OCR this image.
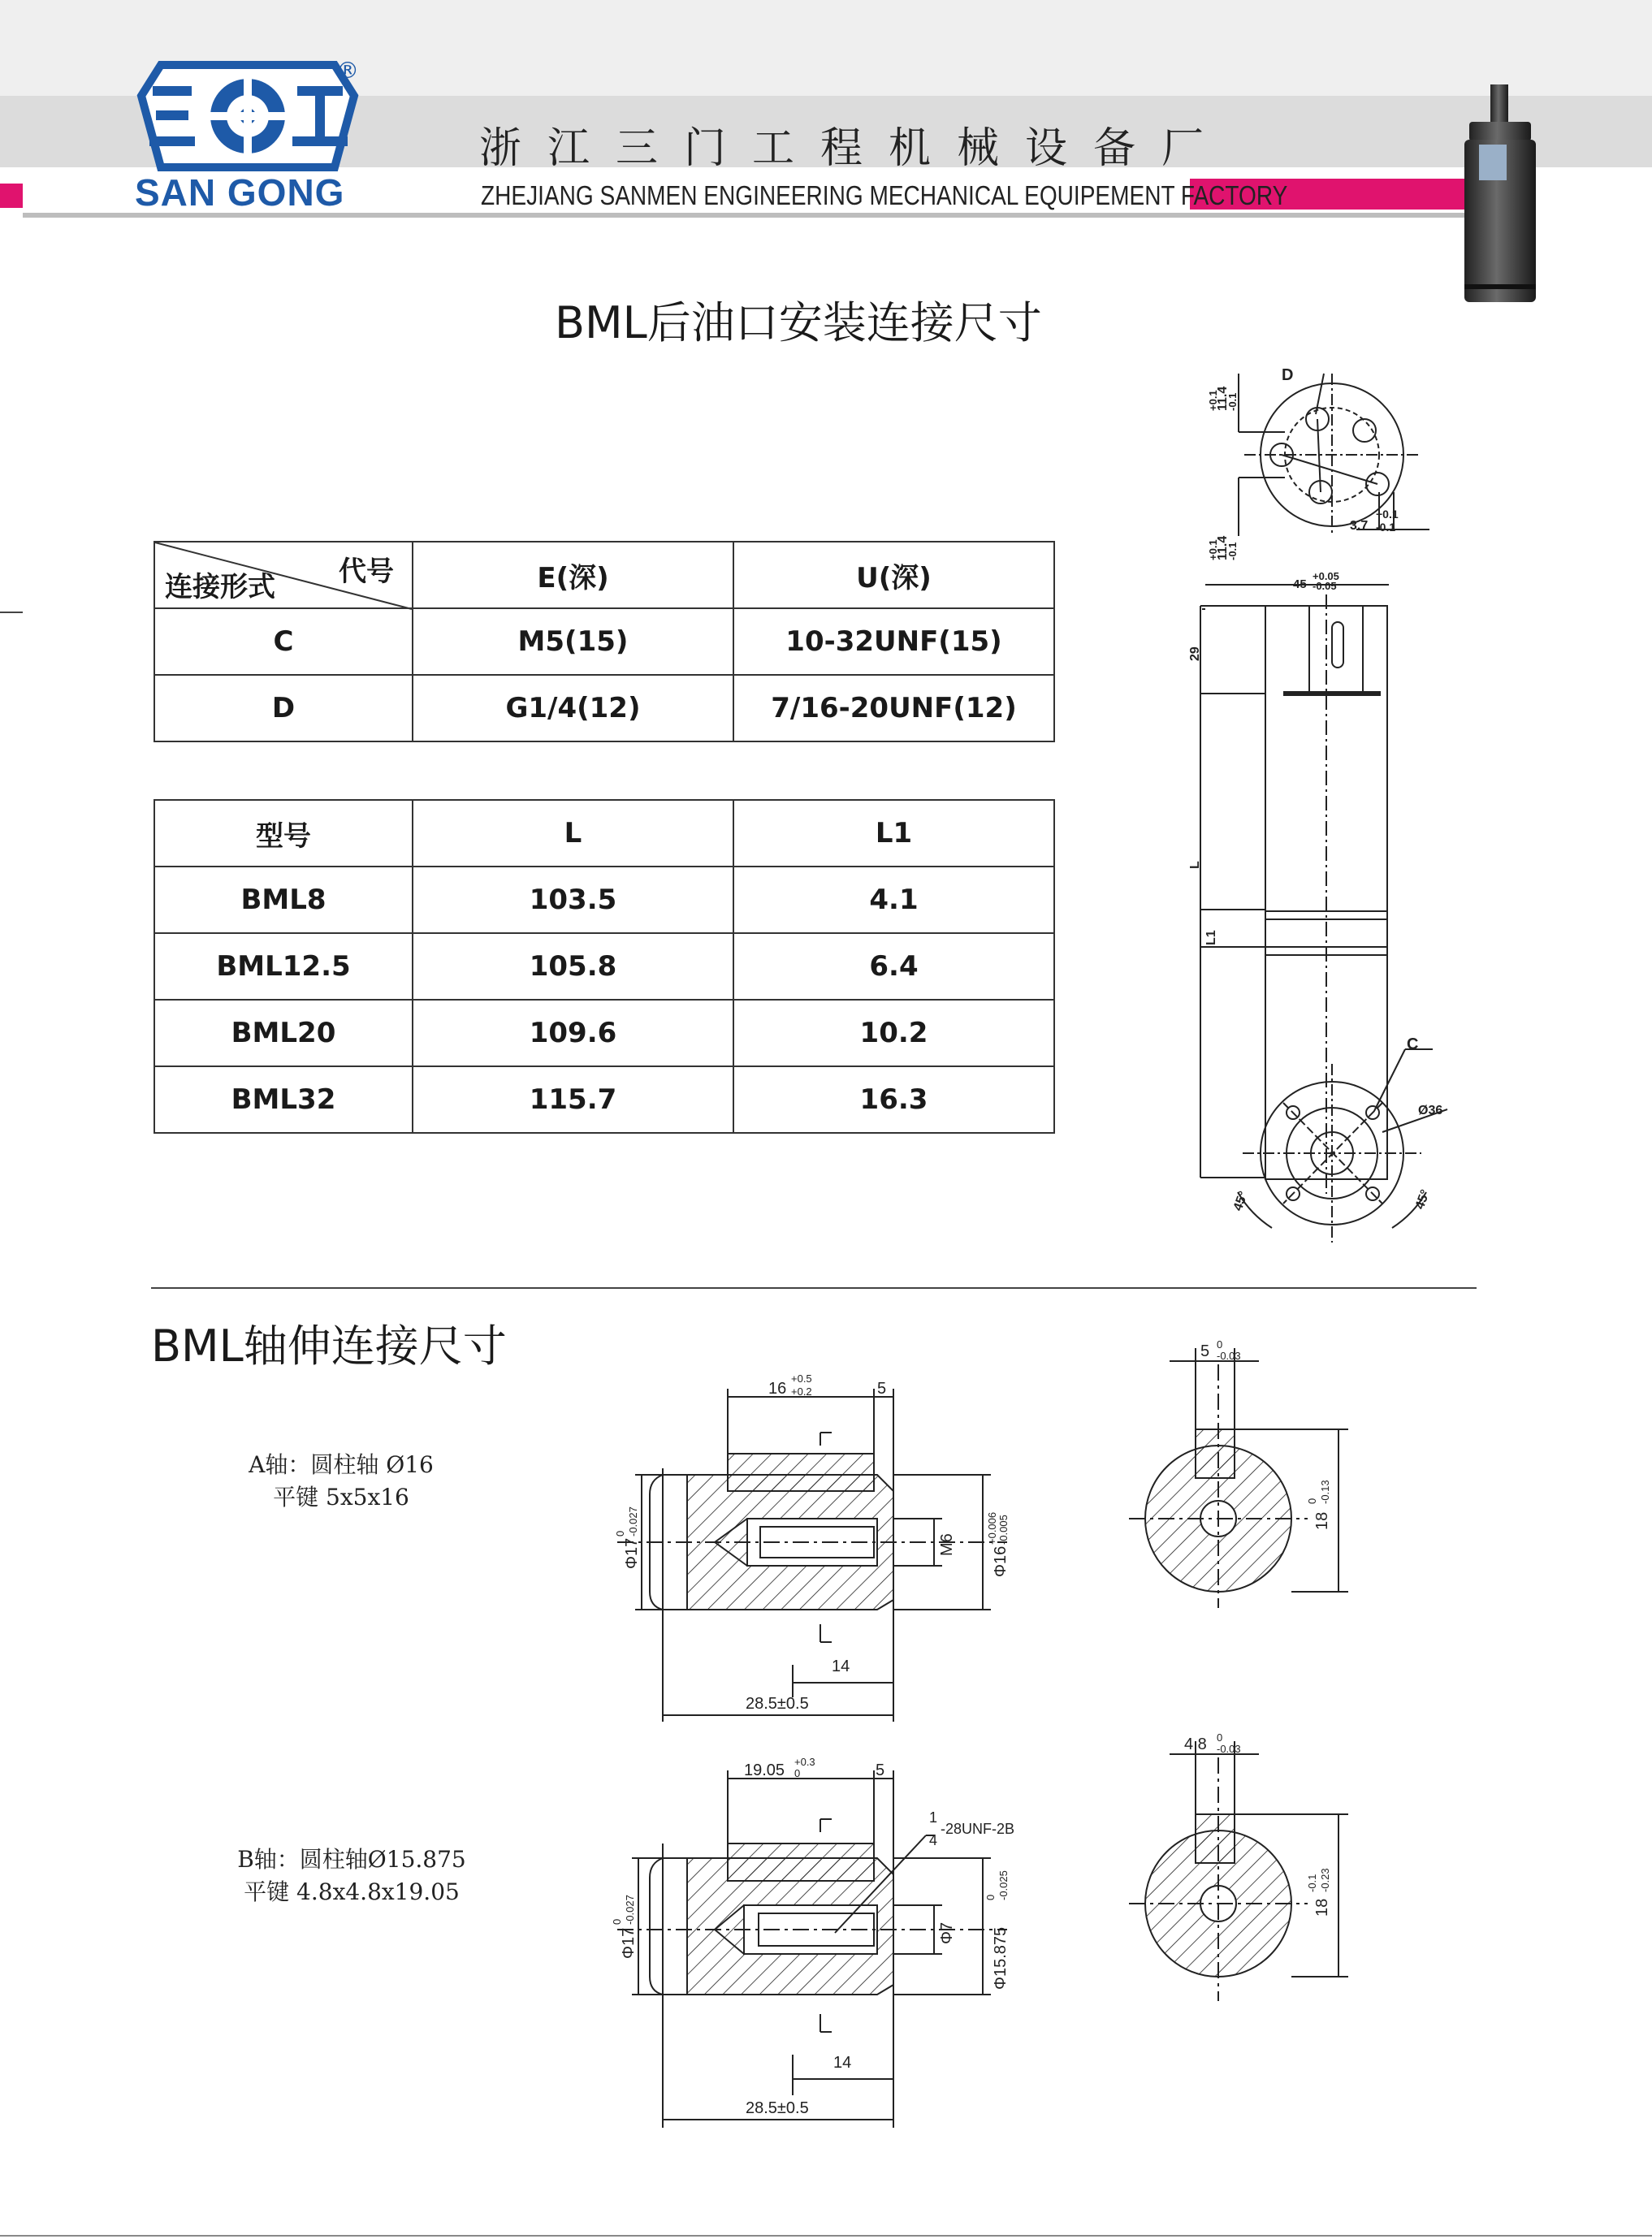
®
SAN GONG
浙江三门工程机械设备厂
ZHEJIANG SANMEN ENGINEERING MECHANICAL EQUIPEMENT FACTORY
BML后油口安装连接尺寸
代号
连接形式	E(深)	U(深)
C	M5(15)	10-32UNF(15)
D	G1/4(12)	7/16-20UNF(12)
型号	L	L1
BML8	103.5	4.1
BML12.5	105.8	6.4
BML20	109.6	10.2
BML32	115.7	16.3
D
11.4
+0.1 -0.1
11.4
+0.1 -0.1
3.7
+0.1
-0.1
45
+0.05
-0.05
29
L
L1
C
Ø36
45°	45°
BML轴伸连接尺寸
A轴：圆柱轴 Ø16
平键 5x5x16
B轴：圆柱轴Ø15.875
平键 4.8x4.8x19.05
16
+0.5
+0.2	5
Φ17
0 -0.027
M6
Φ16
+0.006 -0.005
14
28.5±0.5
5 0
-0.03
18
0 -0.13
19.05 +0.3
0	5
1
4
-28UNF-2B
Φ17
0 -0.027
Φ7 Φ15.875
0 -0.025
14
28.5±0.5
4.8 0
-0.03
18
-0.1 -0.23
